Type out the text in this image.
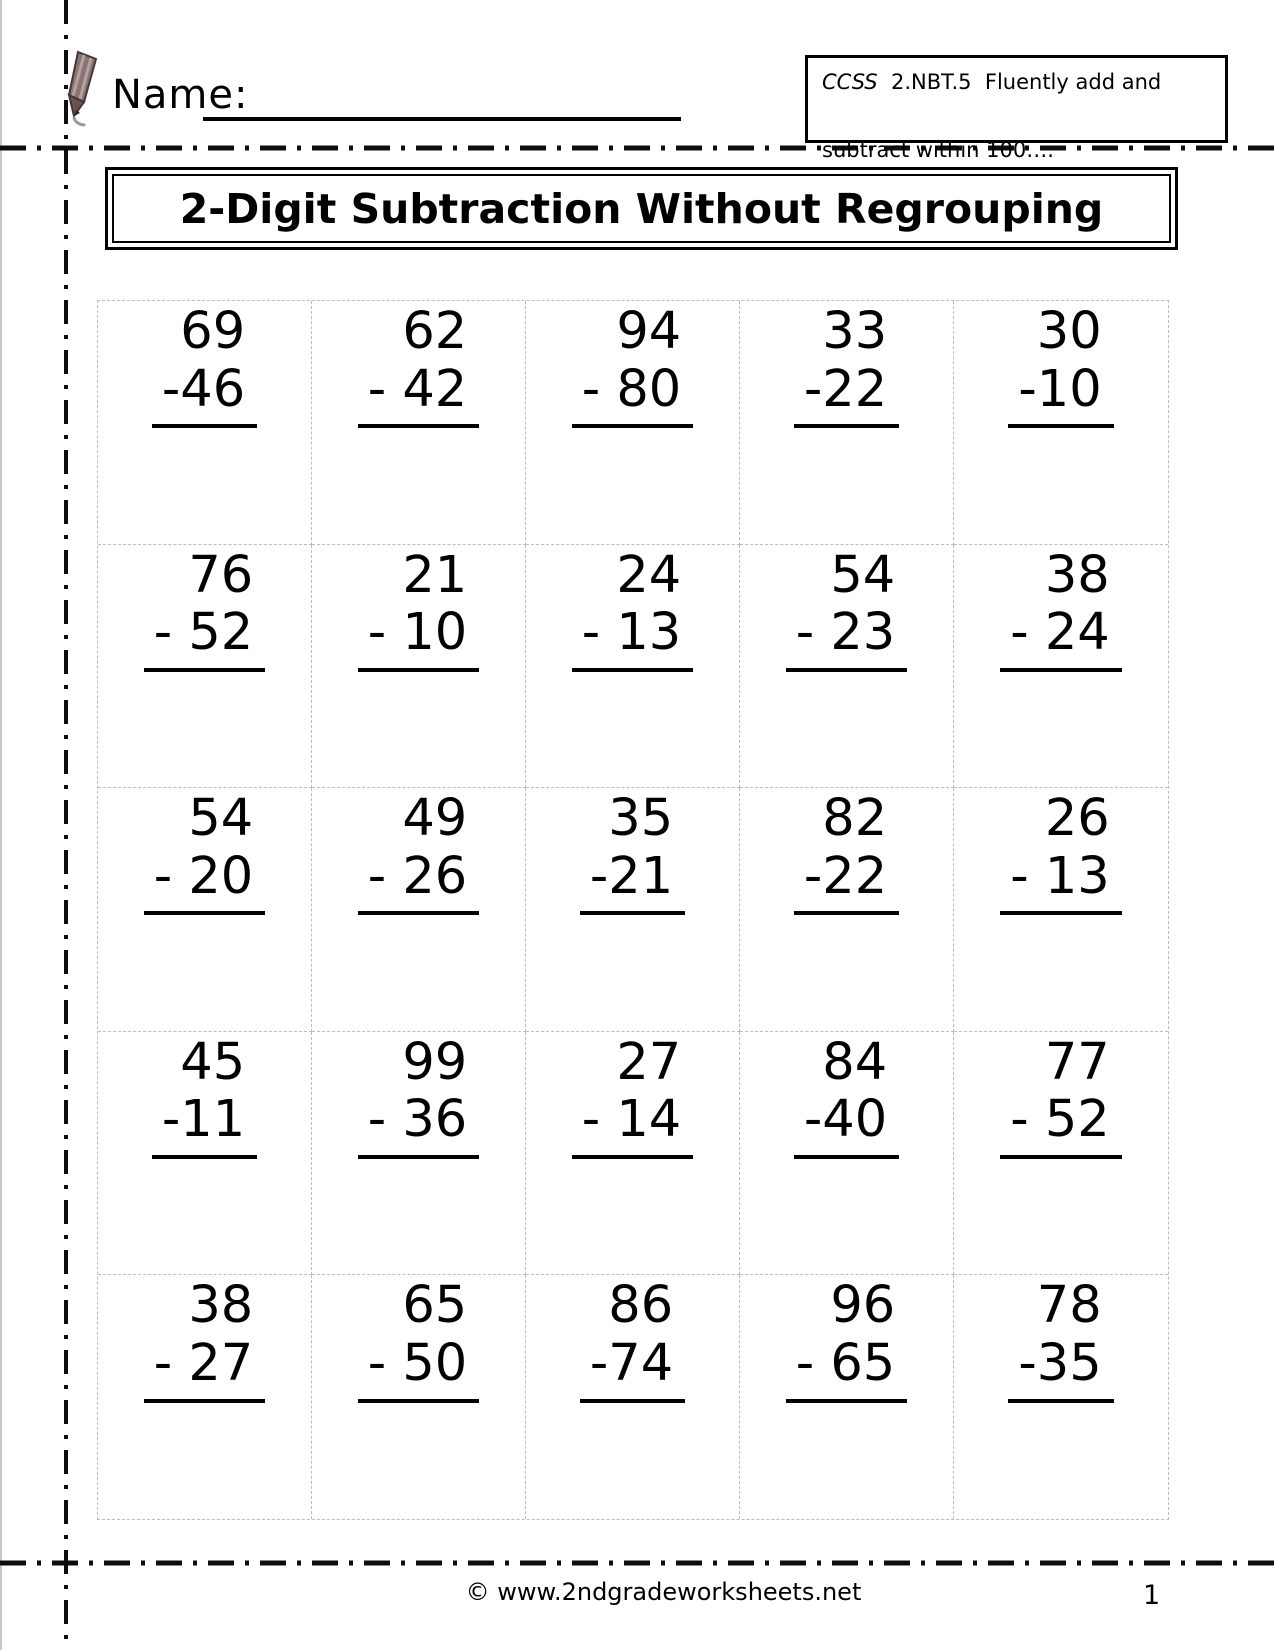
Name:	CCSS  2.NBT.5  Fluently add and

subtract within 100….
2-Digit Subtraction Without Regrouping
69
-46
62
- 42
94
- 80
33
-22
30
-10
76
- 52
21
- 10
24
- 13
54
- 23
38
- 24
54
- 20
49
- 26
35
-21
82
-22
26
- 13
45
-11
99
- 36
27
- 14
84
-40
77
- 52
38
- 27
65
- 50
86
-74
96
- 65
78
-35
© www.2ndgradeworksheets.net	1
